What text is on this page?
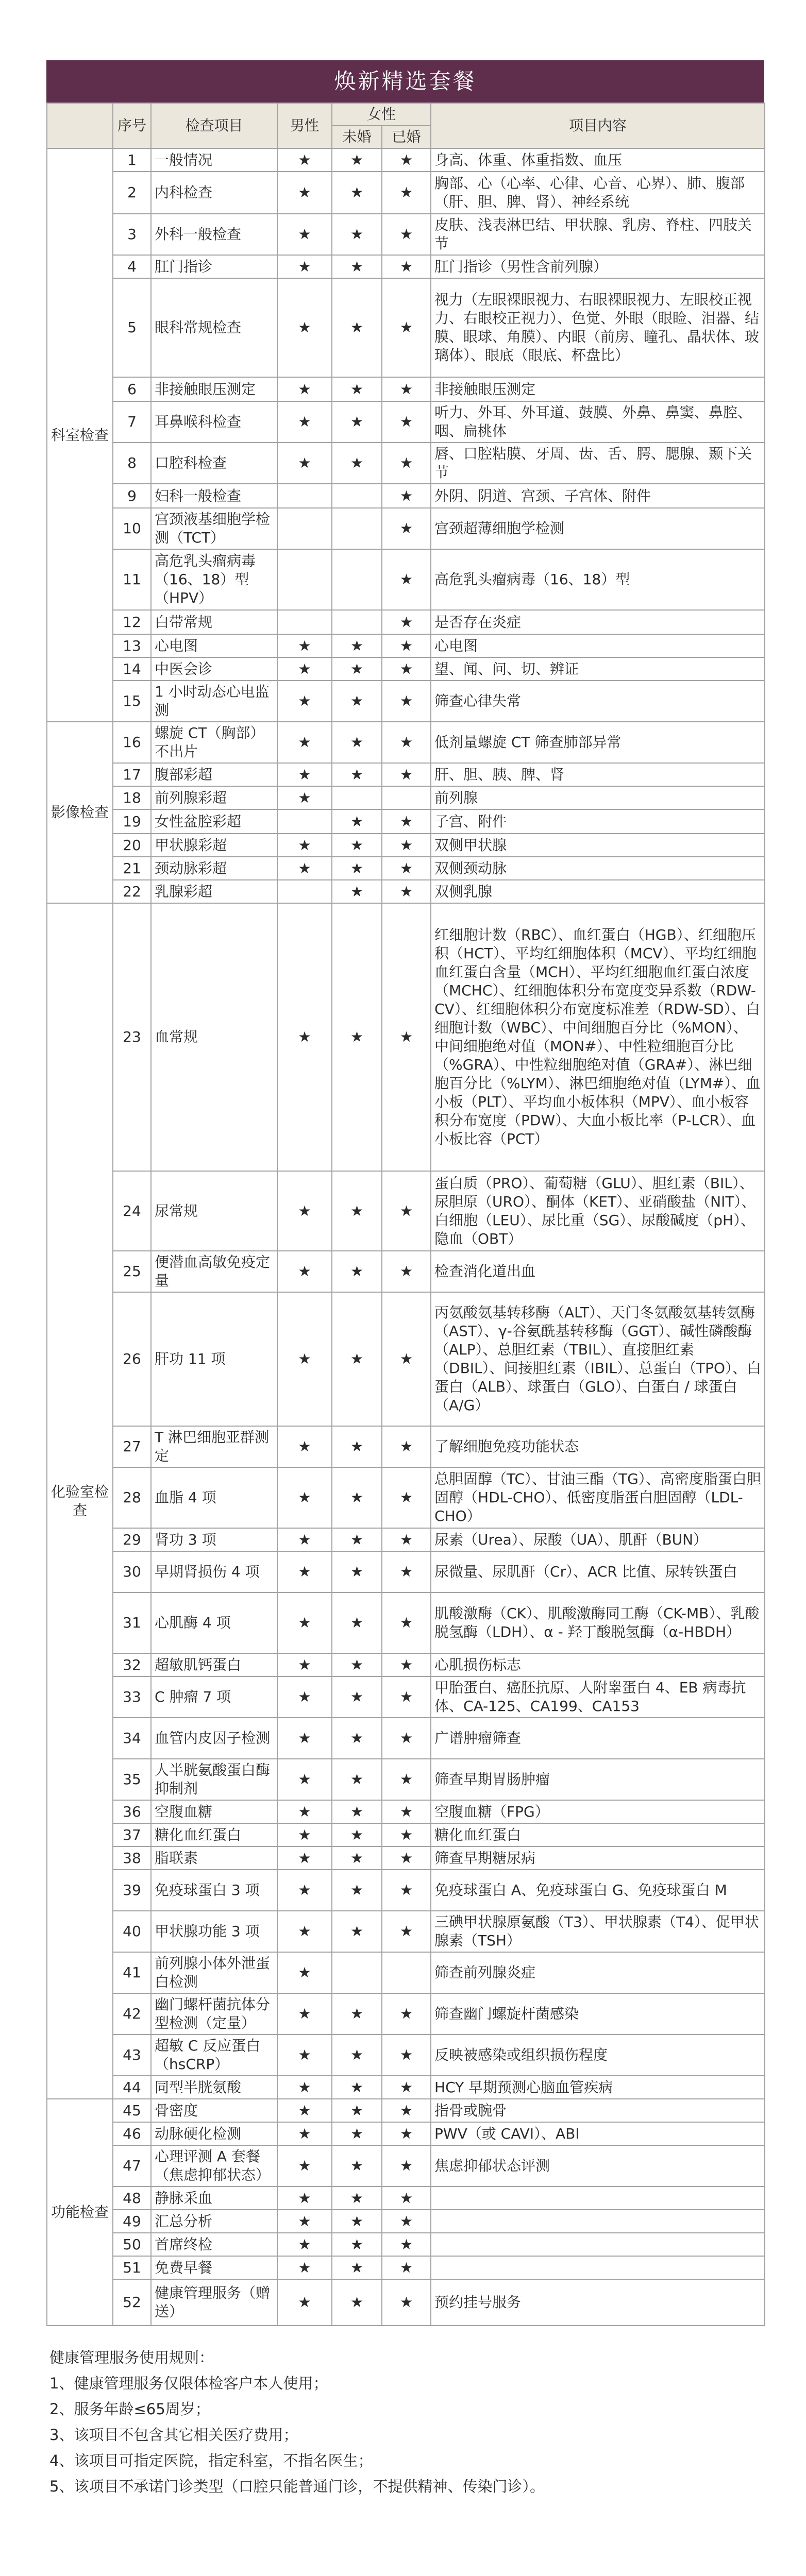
焕新精选套餐
	序号	检查项目	男性	女性		项目内容
				未婚	已婚	
科室检查	1	一般情况	★	★	★	身高、体重、体重指数、血压
	2	内科检查	★	★	★	胸部、心（心率、心律、心音、心界）、肺、腹部（肝、胆、脾、肾）、神经系统
	3	外科一般检查	★	★	★	皮肤、浅表淋巴结、甲状腺、乳房、脊柱、四肢关节
	4	肛门指诊	★	★	★	肛门指诊（男性含前列腺）
	5	眼科常规检查	★	★	★	视力（左眼裸眼视力、右眼裸眼视力、左眼校正视力、右眼校正视力）、色觉、外眼（眼睑、泪器、结膜、眼球、角膜）、内眼（前房、瞳孔、晶状体、玻璃体）、眼底（眼底、杯盘比）
	6	非接触眼压测定	★	★	★	非接触眼压测定
	7	耳鼻喉科检查	★	★	★	听力、外耳、外耳道、鼓膜、外鼻、鼻窦、鼻腔、咽、扁桃体
	8	口腔科检查	★	★	★	唇、口腔粘膜、牙周、齿、舌、腭、腮腺、颞下关节
	9	妇科一般检查			★	外阴、阴道、宫颈、子宫体、附件
	10	宫颈液基细胞学检测（TCT）			★	宫颈超薄细胞学检测
	11	高危乳头瘤病毒（16、18）型（HPV）			★	高危乳头瘤病毒（16、18）型
	12	白带常规			★	是否存在炎症
	13	心电图	★	★	★	心电图
	14	中医会诊	★	★	★	望、闻、问、切、辨证
	15	1 小时动态心电监测	★	★	★	筛查心律失常
影像检查	16	螺旋 CT（胸部）不出片	★	★	★	低剂量螺旋 CT 筛查肺部异常
	17	腹部彩超	★	★	★	肝、胆、胰、脾、肾
	18	前列腺彩超	★			前列腺
	19	女性盆腔彩超		★	★	子宫、附件
	20	甲状腺彩超	★	★	★	双侧甲状腺
	21	颈动脉彩超	★	★	★	双侧颈动脉
	22	乳腺彩超		★	★	双侧乳腺
化验室检查	23	血常规	★	★	★	红细胞计数（RBC）、血红蛋白（HGB）、红细胞压积（HCT）、平均红细胞体积（MCV）、平均红细胞血红蛋白含量（MCH）、平均红细胞血红蛋白浓度（MCHC）、红细胞体积分布宽度变异系数（RDW-CV）、红细胞体积分布宽度标准差（RDW-SD）、白细胞计数（WBC）、中间细胞百分比（%MON）、中间细胞绝对值（MON#）、中性粒细胞百分比（%GRA）、中性粒细胞绝对值（GRA#）、淋巴细胞百分比（%LYM）、淋巴细胞绝对值（LYM#）、血小板（PLT）、平均血小板体积（MPV）、血小板容积分布宽度（PDW）、大血小板比率（P-LCR）、血小板比容（PCT）
	24	尿常规	★	★	★	蛋白质（PRO）、葡萄糖（GLU）、胆红素（BIL）、尿胆原（URO）、酮体（KET）、亚硝酸盐（NIT）、白细胞（LEU）、尿比重（SG）、尿酸碱度（pH）、隐血（OBT）
	25	便潜血高敏免疫定量	★	★	★	检查消化道出血
	26	肝功 11 项	★	★	★	丙氨酸氨基转移酶（ALT）、天门冬氨酸氨基转氨酶（AST）、γ-谷氨酰基转移酶（GGT）、碱性磷酸酶（ALP）、总胆红素（TBIL）、直接胆红素（DBIL）、间接胆红素（IBIL）、总蛋白（TPO）、白蛋白（ALB）、球蛋白（GLO）、白蛋白 / 球蛋白（A/G）
	27	T 淋巴细胞亚群测定	★	★	★	了解细胞免疫功能状态
	28	血脂 4 项	★	★	★	总胆固醇（TC）、甘油三酯（TG）、高密度脂蛋白胆固醇（HDL-CHO）、低密度脂蛋白胆固醇（LDL-CHO）
	29	肾功 3 项	★	★	★	尿素（Urea）、尿酸（UA）、肌酐（BUN）
	30	早期肾损伤 4 项	★	★	★	尿微量、尿肌酐（Cr）、ACR 比值、尿转铁蛋白
	31	心肌酶 4 项	★	★	★	肌酸激酶（CK）、肌酸激酶同工酶（CK-MB）、乳酸脱氢酶（LDH）、α - 羟丁酸脱氢酶（α-HBDH）
	32	超敏肌钙蛋白	★	★	★	心肌损伤标志
	33	C 肿瘤 7 项	★	★	★	甲胎蛋白、癌胚抗原、人附睾蛋白 4、EB 病毒抗体、CA-125、CA199、CA153
	34	血管内皮因子检测	★	★	★	广谱肿瘤筛查
	35	人半胱氨酸蛋白酶抑制剂	★	★	★	筛查早期胃肠肿瘤
	36	空腹血糖	★	★	★	空腹血糖（FPG）
	37	糖化血红蛋白	★	★	★	糖化血红蛋白
	38	脂联素	★	★	★	筛查早期糖尿病
	39	免疫球蛋白 3 项	★	★	★	免疫球蛋白 A、免疫球蛋白 G、免疫球蛋白 M
	40	甲状腺功能 3 项	★	★	★	三碘甲状腺原氨酸（T3）、甲状腺素（T4）、促甲状腺素（TSH）
	41	前列腺小体外泄蛋白检测	★			筛查前列腺炎症
	42	幽门螺杆菌抗体分型检测（定量）	★	★	★	筛查幽门螺旋杆菌感染
	43	超敏 C 反应蛋白（hsCRP）	★	★	★	反映被感染或组织损伤程度
	44	同型半胱氨酸	★	★	★	HCY 早期预测心脑血管疾病
功能检查	45	骨密度	★	★	★	指骨或腕骨
	46	动脉硬化检测	★	★	★	PWV（或 CAVI）、ABI
	47	心理评测 A 套餐（焦虑抑郁状态）	★	★	★	焦虑抑郁状态评测
	48	静脉采血	★	★	★	
	49	汇总分析	★	★	★	
	50	首席终检	★	★	★	
	51	免费早餐	★	★	★	
	52	健康管理服务（赠送）	★	★	★	预约挂号服务
健康管理服务使用规则：
1、健康管理服务仅限体检客户本人使用；
2、服务年龄≤65周岁；
3、该项目不包含其它相关医疗费用；
4、该项目可指定医院，指定科室，不指名医生；
5、该项目不承诺门诊类型（口腔只能普通门诊，不提供精神、传染门诊）。
